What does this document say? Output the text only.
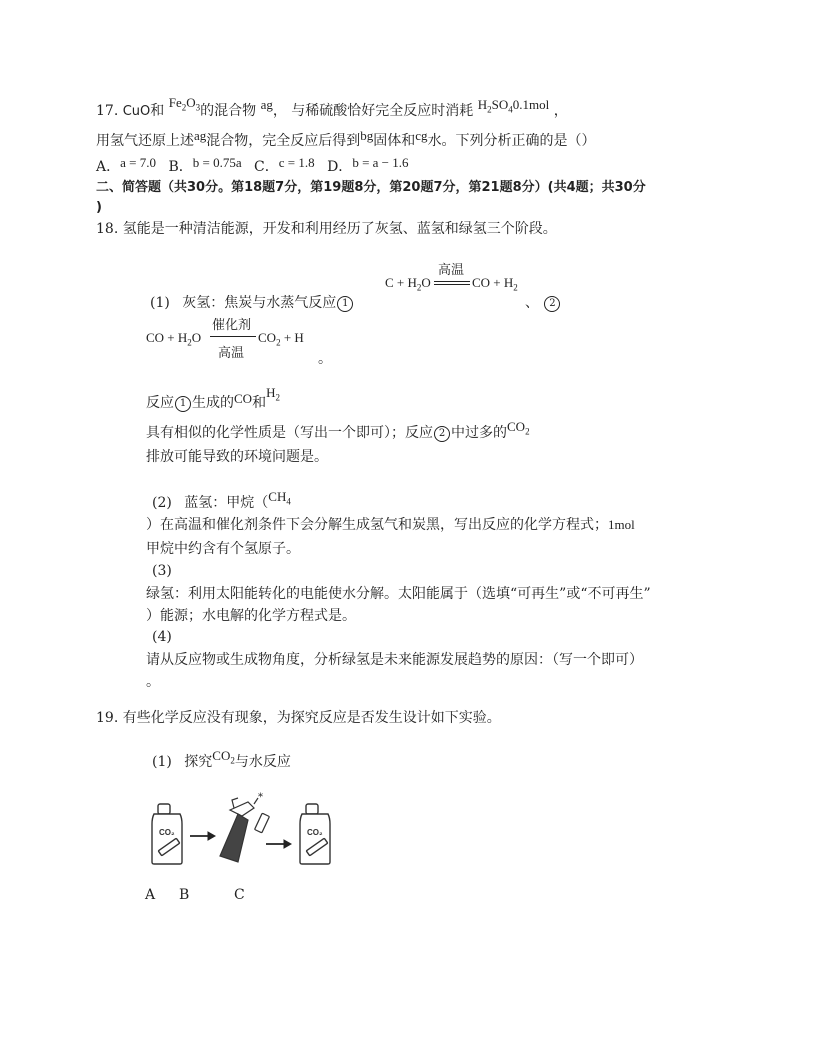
17. CuO和 $Fe_2O_3$的混合物 ag， 与稀硫酸恰好完全反应时消耗 $H_2SO_40.1mol$ ，
用氢气还原上述ag混合物，完全反应后得到bg固体和cg水。下列分析正确的是（）
A．a = 7.0 B．b = 0.75a C．c = 1.8 D．b = a − 1.6
二、简答题（共30分。第18题7分，第19题8分，第20题7分，第21题8分）(共4题；共30分
)
18. 氢能是一种清洁能源，开发和利用经历了灰氢、蓝氢和绿氢三个阶段。
$C + H_2O$
高温
CO + $H_2$
(1) 灰氢：焦炭与水蒸气反应 1	、 2
CO + $H_2O$
催化剂
高温
$CO_2 + H$
。
反应 1 生成的CO和$H_2$
具有相似的化学性质是（写出一个即可）；反应 2 中过多的$CO_2$
排放可能导致的环境问题是。
(2) 蓝氢：甲烷（$CH_4$
）在高温和催化剂条件下会分解生成氢气和炭黑，写出反应的化学方程式；1mol
甲烷中约含有个氢原子。
(3)
绿氢：利用太阳能转化的电能使水分解。太阳能属于（选填“可再生”或“不可再生”
）能源；水电解的化学方程式是。
(4)
请从反应物或生成物角度，分析绿氢是未来能源发展趋势的原因：（写一个即可）
。
19. 有些化学反应没有现象，为探究反应是否发生设计如下实验。
(1) 探究$CO_2$与水反应
CO₂
*
CO₂
A B	C
